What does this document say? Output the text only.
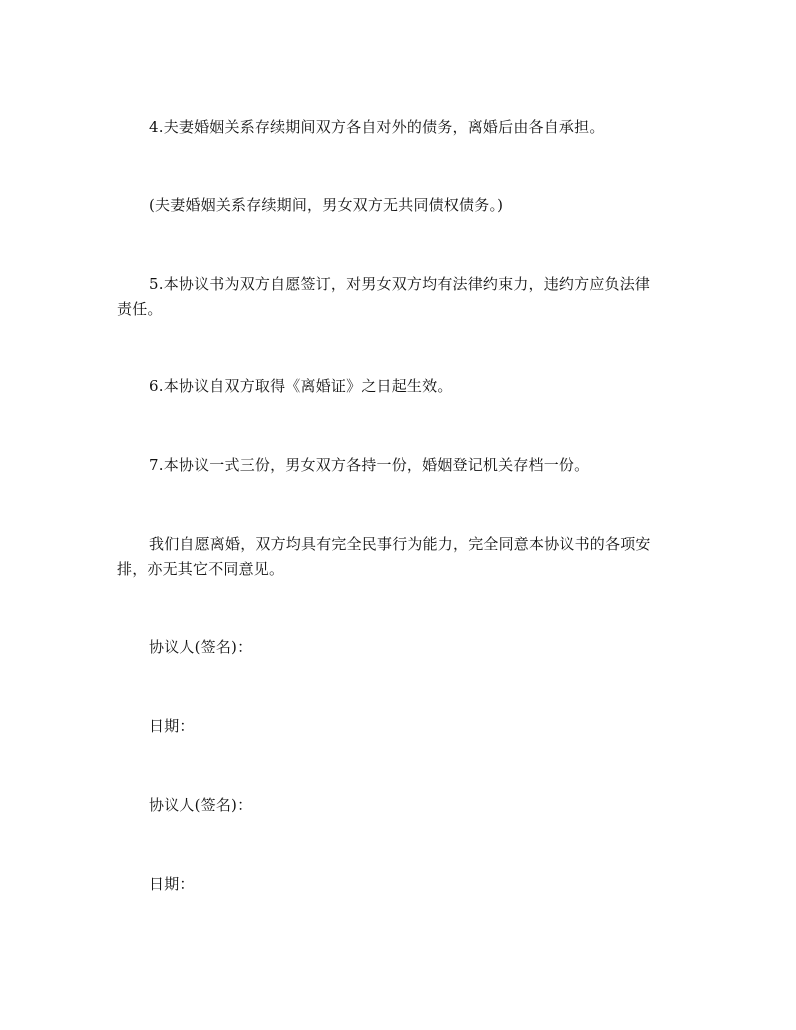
4.夫妻婚姻关系存续期间双方各自对外的债务，离婚后由各自承担。

(夫妻婚姻关系存续期间，男女双方无共同债权债务。)

5.本协议书为双方自愿签订，对男女双方均有法律约束力，违约方应负法律责任。

6.本协议自双方取得《离婚证》之日起生效。

7.本协议一式三份，男女双方各持一份，婚姻登记机关存档一份。

我们自愿离婚，双方均具有完全民事行为能力，完全同意本协议书的各项安排，亦无其它不同意见。

协议人(签名)：

日期：

协议人(签名)：

日期：
